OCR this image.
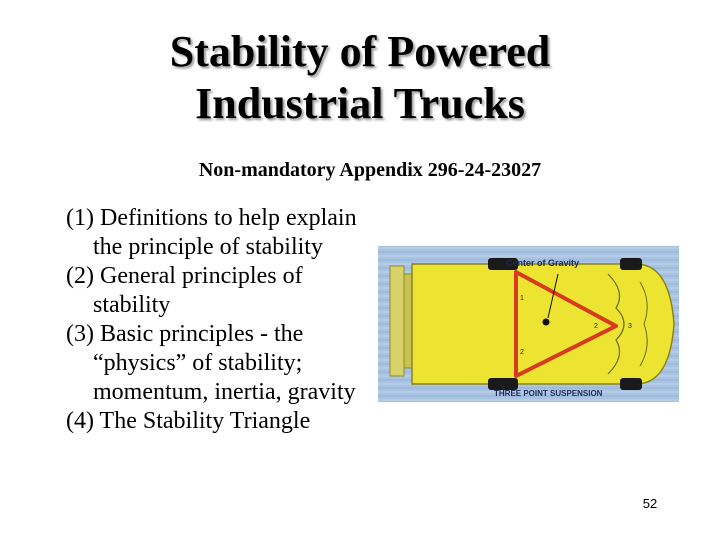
Stability of Powered
Industrial Trucks
Non-mandatory Appendix 296-24-23027
(1) Definitions to help explain
the principle of stability
(2) General principles of
stability
(3) Basic principles - the
“physics” of stability;
momentum, inertia, gravity
(4) The Stability Triangle
Center of Gravity
1
2	3
2
THREE POINT SUSPENSION
52
